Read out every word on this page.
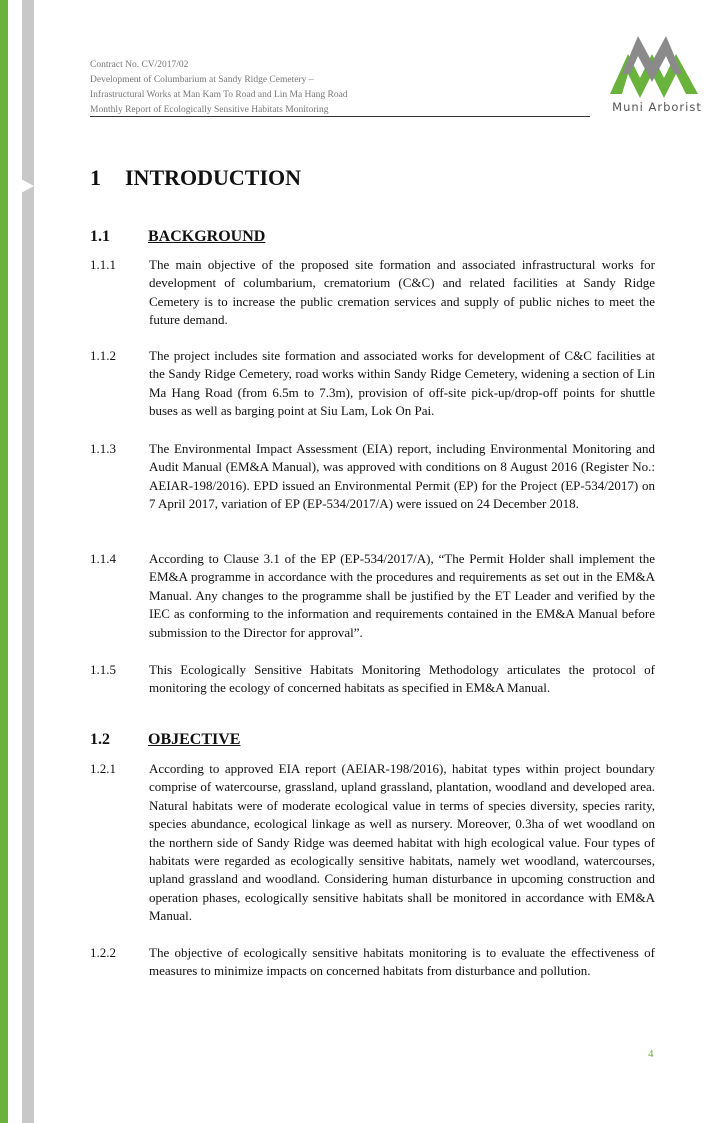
Contract No. CV/2017/02
Development of Columbarium at Sandy Ridge Cemetery –
Infrastructural Works at Man Kam To Road and Lin Ma Hang Road
Monthly Report of Ecologically Sensitive Habitats Monitoring	Muni Arborist
1 INTRODUCTION
1.1 BACKGROUND
1.1.1	The main objective of the proposed site formation and associated infrastructural works for development of columbarium, crematorium (C&C) and related facilities at Sandy Ridge Cemetery is to increase the public cremation services and supply of public niches to meet the future demand.
1.1.2	The project includes site formation and associated works for development of C&C facilities at the Sandy Ridge Cemetery, road works within Sandy Ridge Cemetery, widening a section of Lin Ma Hang Road (from 6.5m to 7.3m), provision of off-site pick-up/drop-off points for shuttle buses as well as barging point at Siu Lam, Lok On Pai.
1.1.3	The Environmental Impact Assessment (EIA) report, including Environmental Monitoring and Audit Manual (EM&A Manual), was approved with conditions on 8 August 2016 (Register No.: AEIAR-198/2016). EPD issued an Environmental Permit (EP) for the Project (EP-534/2017) on 7 April 2017, variation of EP (EP-534/2017/A) were issued on 24 December 2018.
1.1.4	According to Clause 3.1 of the EP (EP-534/2017/A), “The Permit Holder shall implement the EM&A programme in accordance with the procedures and requirements as set out in the EM&A Manual. Any changes to the programme shall be justified by the ET Leader and verified by the IEC as conforming to the information and requirements contained in the EM&A Manual before submission to the Director for approval”.
1.1.5	This Ecologically Sensitive Habitats Monitoring Methodology articulates the protocol of monitoring the ecology of concerned habitats as specified in EM&A Manual.
1.2 OBJECTIVE
1.2.1	According to approved EIA report (AEIAR-198/2016), habitat types within project boundary comprise of watercourse, grassland, upland grassland, plantation, woodland and developed area. Natural habitats were of moderate ecological value in terms of species diversity, species rarity, species abundance, ecological linkage as well as nursery. Moreover, 0.3ha of wet woodland on the northern side of Sandy Ridge was deemed habitat with high ecological value. Four types of habitats were regarded as ecologically sensitive habitats, namely wet woodland, watercourses, upland grassland and woodland. Considering human disturbance in upcoming construction and operation phases, ecologically sensitive habitats shall be monitored in accordance with EM&A Manual.
1.2.2	The objective of ecologically sensitive habitats monitoring is to evaluate the effectiveness of measures to minimize impacts on concerned habitats from disturbance and pollution.
4
